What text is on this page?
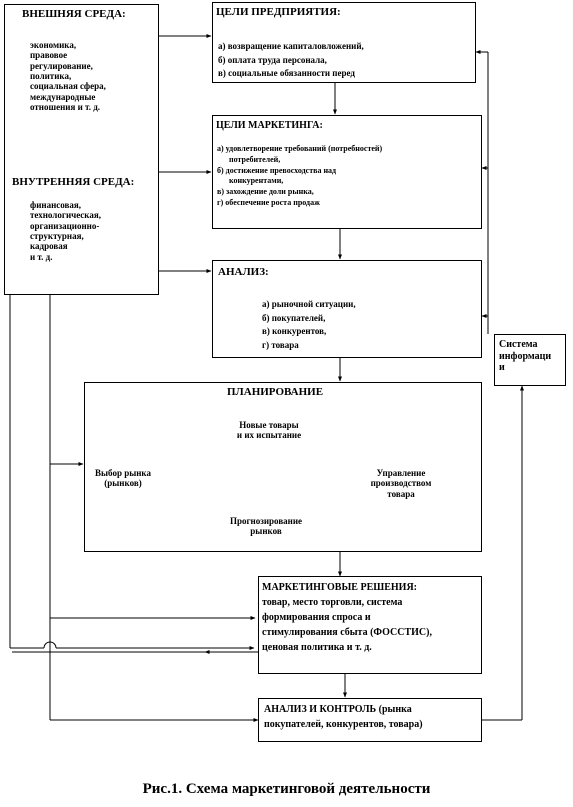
ВНЕШНЯЯ СРЕДА:
экономика,
правовое
регулирование,
политика,
социальная сфера,
международные
отношения и т. д.
ВНУТРЕННЯЯ СРЕДА:
финансовая,
технологическая,
организационно-
структурная,
кадровая
и т. д.
ЦЕЛИ ПРЕДПРИЯТИЯ:
а) возвращение капиталовложений,
б) оплата труда персонала,
в) социальные обязанности перед
ЦЕЛИ МАРКЕТИНГА:
а) удовлетворение требований (потребностей)
потребителей,
б) достижение превосходства над
конкурентами,
в) захождение доли рынка,
г) обеспечение роста продаж
АНАЛИЗ:
а) рыночной ситуации,
б) покупателей,
в) конкурентов,
г) товара	Система
информаци
и
ПЛАНИРОВАНИЕ
Новые товары
и их испытание
Выбор рынка
(рынков)
Управление
производством
товара
Прогнозирование
рынков
МАРКЕТИНГОВЫЕ РЕШЕНИЯ:
товар, место торговли, система
формирования спроса и
стимулирования сбыта (ФОССТИС),
ценовая политика и т. д.
АНАЛИЗ И КОНТРОЛЬ (рынка
покупателей, конкурентов, товара)
Рис.1. Схема маркетинговой деятельности
